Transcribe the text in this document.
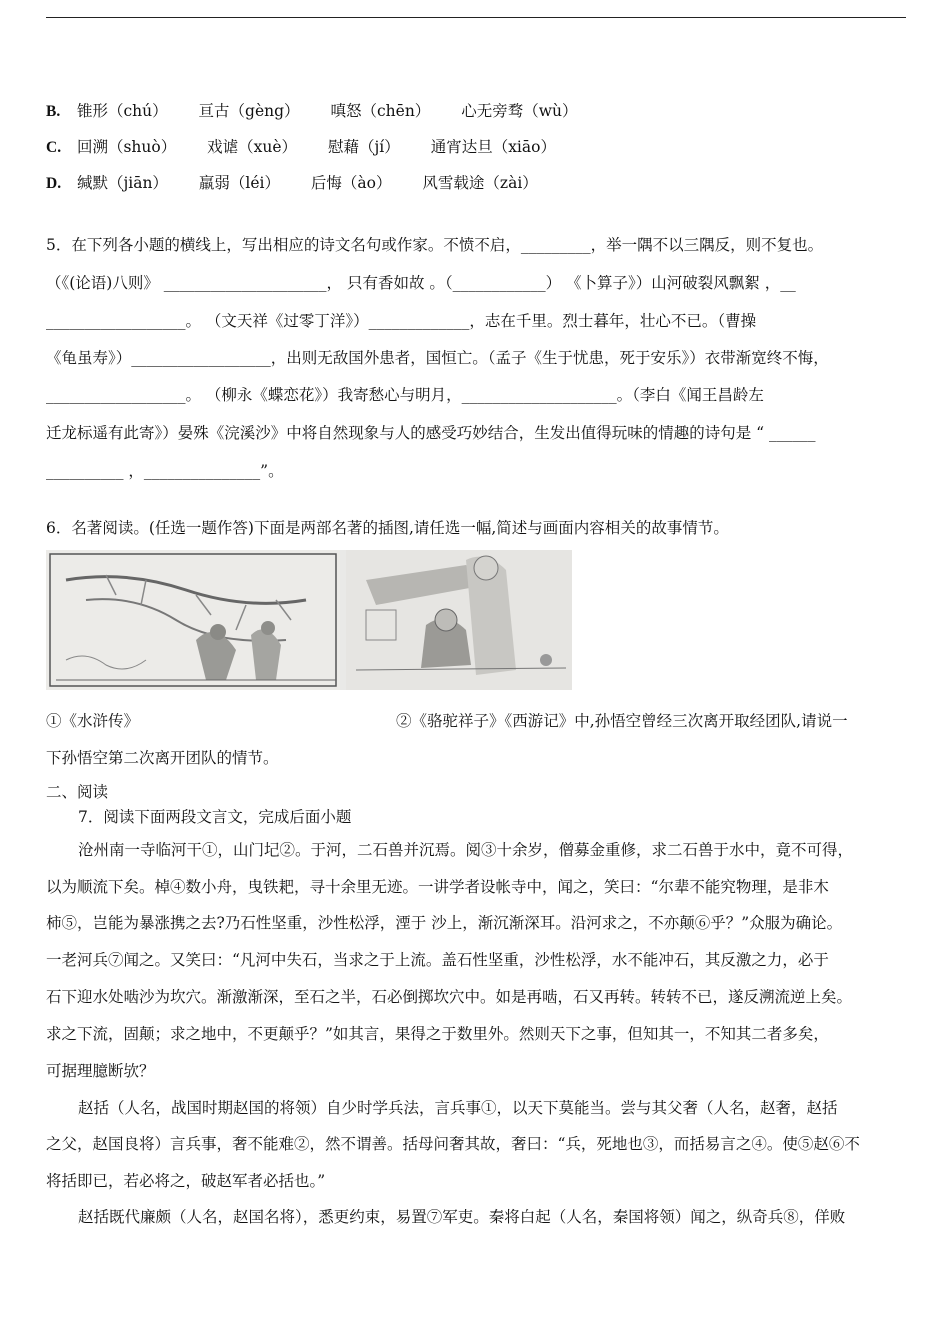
B. 锥形（chú） 亘古（gèng） 嗔怒（chēn） 心无旁骛（wù）
C. 回溯（shuò） 戏谑（xuè） 慰藉（jí） 通宵达旦（xiāo）
D. 缄默（jiān） 羸弱（léi） 后悔（ào） 风雪载途（zài）
5．在下列各小题的横线上，写出相应的诗文名句或作家。不愤不启，_________，举一隅不以三隅反，则不复也。
（《(论语)八则》 _____________________， 只有香如故 。（____________） 《卜算子》）山河破裂风飘絮 ，__
__________________。 （文天祥《过零丁洋》）_____________，志在千里。烈士暮年，壮心不已。（曹操
《龟虽寿》）__________________，出则无敌国外患者，国恒亡。（孟子《生于忧患，死于安乐》）衣带渐宽终不悔，
__________________。 （柳永《蝶恋花》）我寄愁心与明月，____________________。（李白《闻王昌龄左
迁龙标遥有此寄》）晏殊《浣溪沙》中将自然现象与人的感受巧妙结合，生发出值得玩味的情趣的诗句是 “ ______
__________ ，_______________”。
6．名著阅读。(任选一题作答)下面是两部名著的插图,请任选一幅,简述与画面内容相关的故事情节。
①《水浒传》	②《骆驼祥子》《西游记》中,孙悟空曾经三次离开取经团队,请说一
下孙悟空第二次离开团队的情节。
二、阅读
7．阅读下面两段文言文，完成后面小题
沧州南一寺临河干①，山门圮②。于河，二石兽并沉焉。阅③十余岁，僧募金重修，求二石兽于水中，竟不可得，
以为顺流下矣。棹④数小舟，曳铁耙，寻十余里无迹。一讲学者设帐寺中，闻之，笑曰：“尔辈不能究物理，是非木
柿⑤，岂能为暴涨携之去?乃石性坚重，沙性松浮，湮于 沙上，渐沉渐深耳。沿河求之，不亦颠⑥乎？”众服为确论。
一老河兵⑦闻之。又笑曰：“凡河中失石，当求之于上流。盖石性坚重，沙性松浮，水不能冲石，其反激之力，必于
石下迎水处啮沙为坎穴。渐激渐深，至石之半，石必倒掷坎穴中。如是再啮，石又再转。转转不已，遂反溯流逆上矣。
求之下流，固颠；求之地中，不更颠乎？”如其言，果得之于数里外。然则天下之事，但知其一，不知其二者多矣，
可据理臆断欤？
赵括（人名，战国时期赵国的将领）自少时学兵法，言兵事①，以天下莫能当。尝与其父奢（人名，赵奢，赵括
之父，赵国良将）言兵事，奢不能难②，然不谓善。括母问奢其故，奢曰：“兵，死地也③，而括易言之④。使⑤赵⑥不
将括即已，若必将之，破赵军者必括也。”
赵括既代廉颇（人名，赵国名将），悉更约束，易置⑦军吏。秦将白起（人名，秦国将领）闻之，纵奇兵⑧，佯败
